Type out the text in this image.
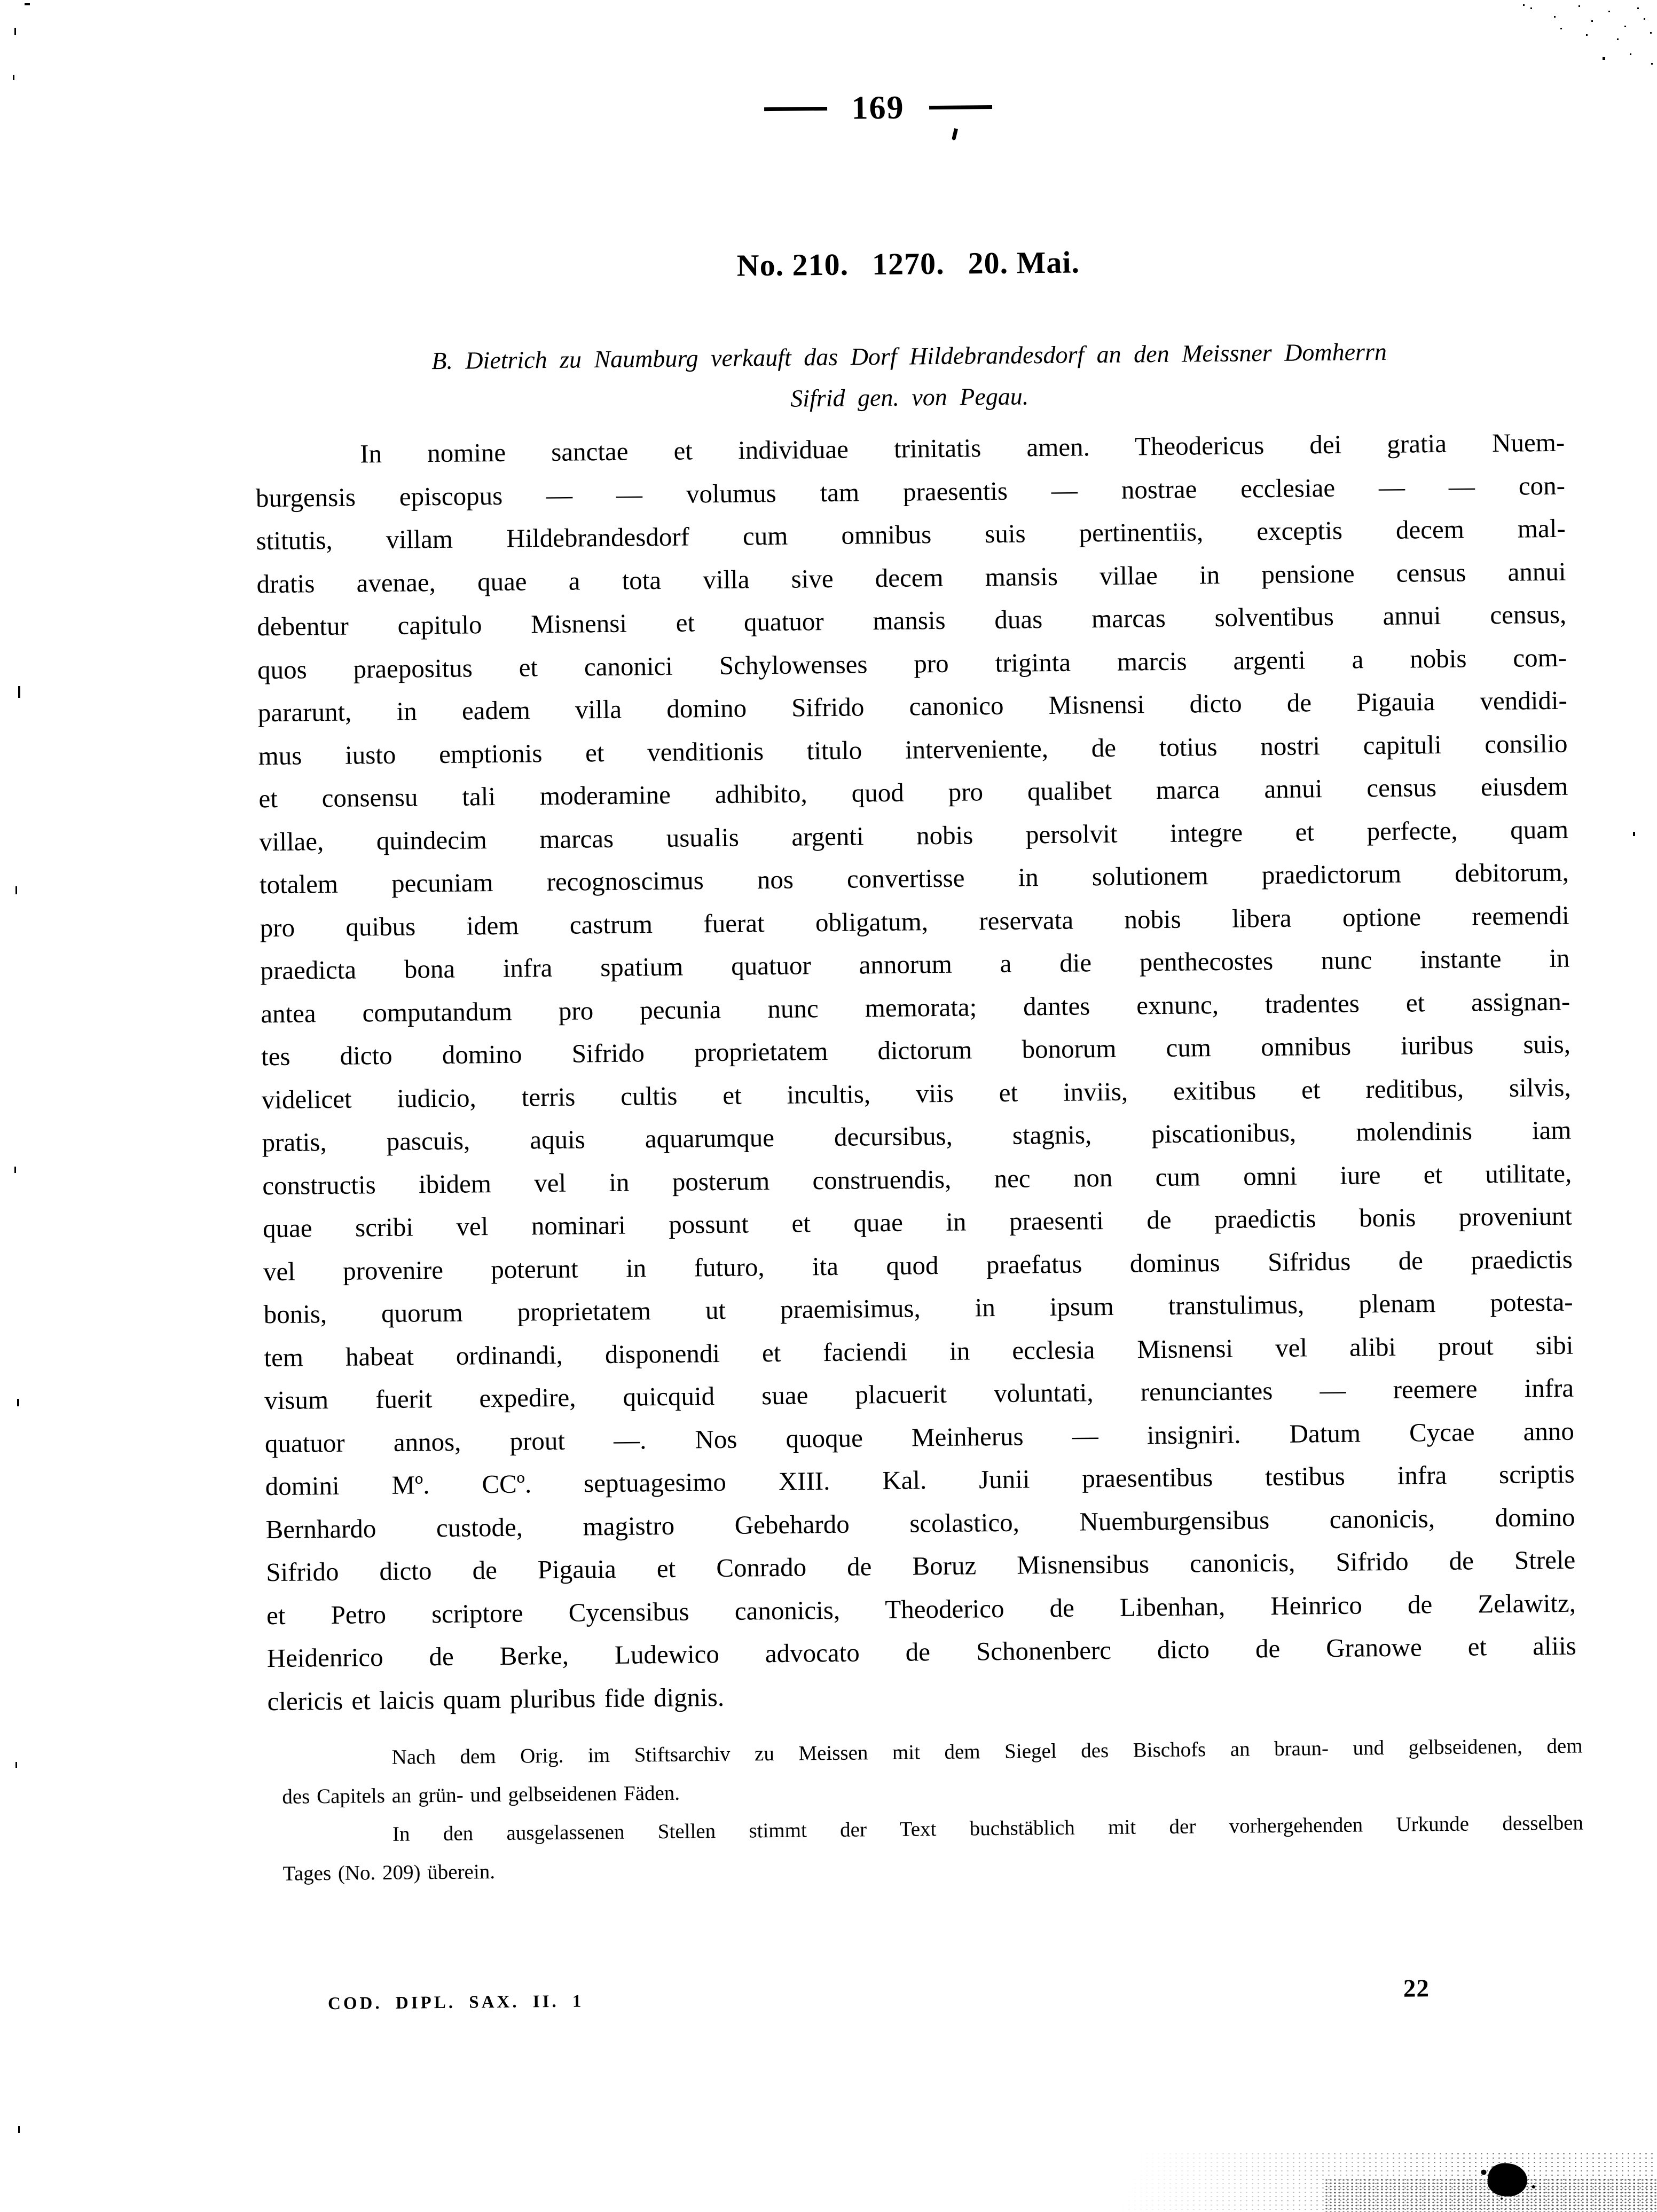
169
No. 210. 1270. 20. Mai.
B. Dietrich zu Naumburg verkauft das Dorf Hildebrandesdorf an den Meissner Domherrn
Sifrid gen. von Pegau.
In nomine sanctae et individuae trinitatis amen. Theodericus dei gratia Nuem-
burgensis episcopus — — volumus tam praesentis — nostrae ecclesiae — — con-
stitutis, villam Hildebrandesdorf cum omnibus suis pertinentiis, exceptis decem mal-
dratis avenae, quae a tota villa sive decem mansis villae in pensione census annui
debentur capitulo Misnensi et quatuor mansis duas marcas solventibus annui census,
quos praepositus et canonici Schylowenses pro triginta marcis argenti a nobis com-
pararunt, in eadem villa domino Sifrido canonico Misnensi dicto de Pigauia vendidi-
mus iusto emptionis et venditionis titulo interveniente, de totius nostri capituli consilio
et consensu tali moderamine adhibito, quod pro qualibet marca annui census eiusdem
villae, quindecim marcas usualis argenti nobis persolvit integre et perfecte, quam
totalem pecuniam recognoscimus nos convertisse in solutionem praedictorum debitorum,
pro quibus idem castrum fuerat obligatum, reservata nobis libera optione reemendi
praedicta bona infra spatium quatuor annorum a die penthecostes nunc instante in
antea computandum pro pecunia nunc memorata; dantes exnunc, tradentes et assignan-
tes dicto domino Sifrido proprietatem dictorum bonorum cum omnibus iuribus suis,
videlicet iudicio, terris cultis et incultis, viis et inviis, exitibus et reditibus, silvis,
pratis, pascuis, aquis aquarumque decursibus, stagnis, piscationibus, molendinis iam
constructis ibidem vel in posterum construendis, nec non cum omni iure et utilitate,
quae scribi vel nominari possunt et quae in praesenti de praedictis bonis proveniunt
vel provenire poterunt in futuro, ita quod praefatus dominus Sifridus de praedictis
bonis, quorum proprietatem ut praemisimus, in ipsum transtulimus, plenam potesta-
tem habeat ordinandi, disponendi et faciendi in ecclesia Misnensi vel alibi prout sibi
visum fuerit expedire, quicquid suae placuerit voluntati, renunciantes — reemere infra
quatuor annos, prout —. Nos quoque Meinherus — insigniri. Datum Cycae anno
domini Mº. CCº. septuagesimo XIII. Kal. Junii praesentibus testibus infra scriptis
Bernhardo custode, magistro Gebehardo scolastico, Nuemburgensibus canonicis, domino
Sifrido dicto de Pigauia et Conrado de Boruz Misnensibus canonicis, Sifrido de Strele
et Petro scriptore Cycensibus canonicis, Theoderico de Libenhan, Heinrico de Zelawitz,
Heidenrico de Berke, Ludewico advocato de Schonenberc dicto de Granowe et aliis
clericis et laicis quam pluribus fide dignis.
Nach dem Orig. im Stiftsarchiv zu Meissen mit dem Siegel des Bischofs an braun- und gelbseidenen, dem
des Capitels an grün- und gelbseidenen Fäden.
In den ausgelassenen Stellen stimmt der Text buchstäblich mit der vorhergehenden Urkunde desselben
Tages (No. 209) überein.
COD. DIPL. SAX. II. 1
22
